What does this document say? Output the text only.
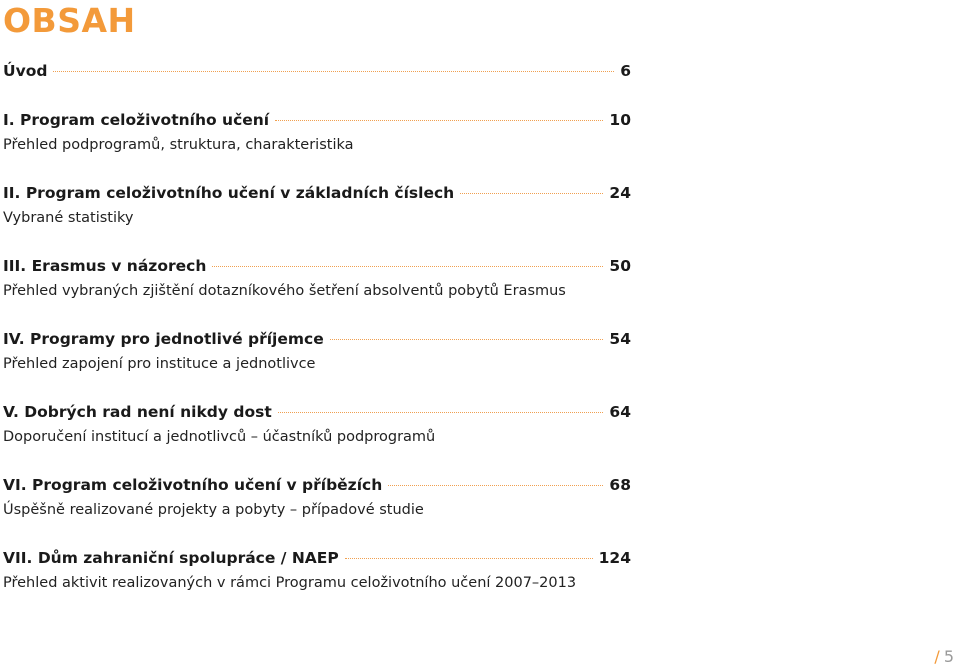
OBSAH
Úvod	6
I. Program celoživotního učení	10
Přehled podprogramů, struktura, charakteristika
II. Program celoživotního učení v základních číslech	24
Vybrané statistiky
III. Erasmus v názorech	50
Přehled vybraných zjištění dotazníkového šetření absolventů pobytů Erasmus
IV. Programy pro jednotlivé příjemce	54
Přehled zapojení pro instituce a jednotlivce
V. Dobrých rad není nikdy dost	64
Doporučení institucí a jednotlivců – účastníků podprogramů
VI. Program celoživotního učení v příbězích	68
Úspěšně realizované projekty a pobyty – případové studie
VII. Dům zahraniční spolupráce / NAEP	124
Přehled aktivit realizovaných v rámci Programu celoživotního učení 2007–2013
/ 5
